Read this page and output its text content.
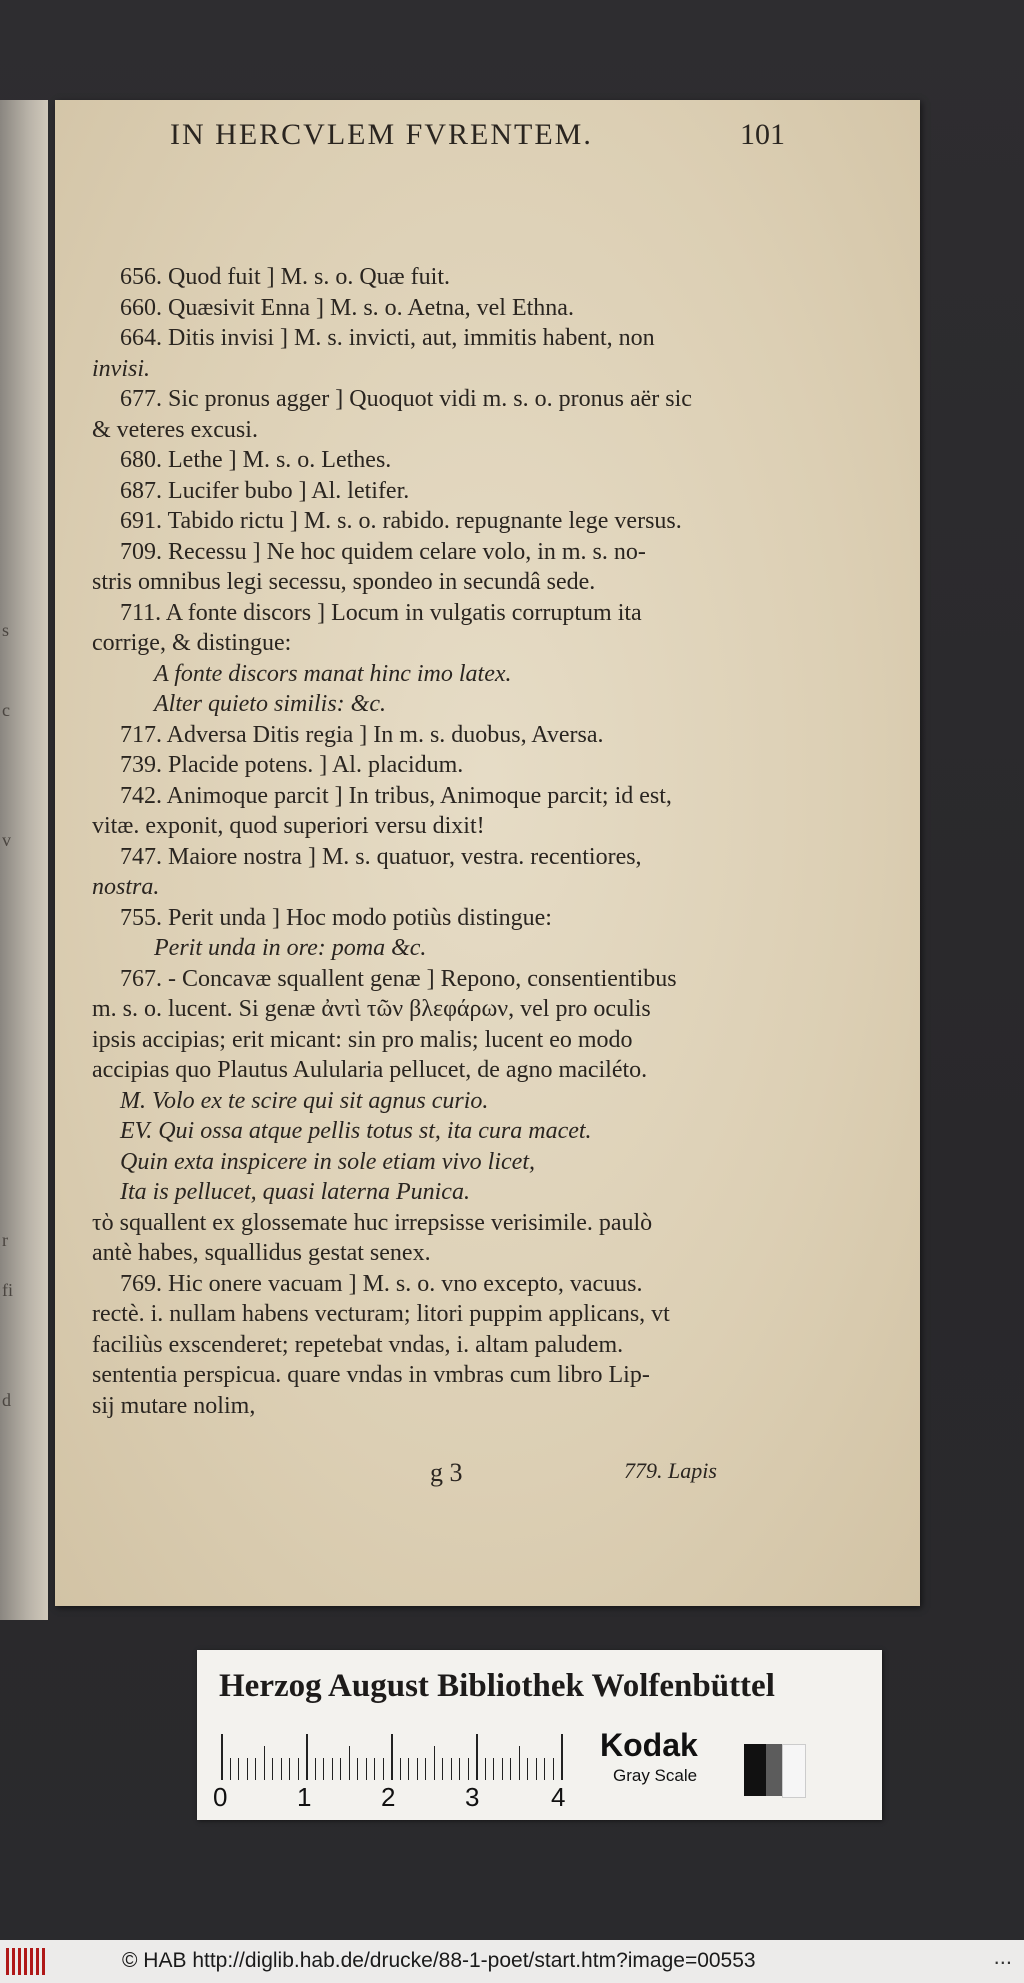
s
c
v
r
fi
d
IN HERCVLEM FVRENTEM.	101
656. Quod fuit ] M. s. o. Quæ fuit.
660. Quæsivit Enna ] M. s. o. Aetna, vel Ethna.
664. Ditis invisi ] M. s. invicti, aut, immitis habent, non
invisi.
677. Sic pronus agger ] Quoquot vidi m. s. o. pronus aër sic
& veteres excusi.
680. Lethe ] M. s. o. Lethes.
687. Lucifer bubo ] Al. letifer.
691. Tabido rictu ] M. s. o. rabido. repugnante lege versus.
709. Recessu ] Ne hoc quidem celare volo, in m. s. no-
stris omnibus legi secessu, spondeo in secundâ sede.
711. A fonte discors ] Locum in vulgatis corruptum ita
corrige, & distingue:
A fonte discors manat hinc imo latex.
Alter quieto similis: &c.
717. Adversa Ditis regia ] In m. s. duobus, Aversa.
739. Placide potens. ] Al. placidum.
742. Animoque parcit ] In tribus, Animoque parcit; id est,
vitæ. exponit, quod superiori versu dixit!
747. Maiore nostra ] M. s. quatuor, vestra. recentiores,
nostra.
755. Perit unda ] Hoc modo potiùs distingue:
Perit unda in ore: poma &c.
767. - Concavæ squallent genæ ] Repono, consentientibus
m. s. o. lucent. Si genæ ἀντὶ τῶν βλεφάρων, vel pro oculis
ipsis accipias; erit micant: sin pro malis; lucent eo modo
accipias quo Plautus Aulularia pellucet, de agno maciléto.
M. Volo ex te scire qui sit agnus curio.
EV. Qui ossa atque pellis totus st, ita cura macet.
Quin exta inspicere in sole etiam vivo licet,
Ita is pellucet, quasi laterna Punica.
τὸ squallent ex glossemate huc irrepsisse verisimile. paulò
antè habes, squallidus gestat senex.
769. Hic onere vacuam ] M. s. o. vno excepto, vacuus.
rectè. i. nullam habens vecturam; litori puppim applicans, vt
faciliùs exscenderet; repetebat vndas, i. altam paludem.
sententia perspicua. quare vndas in vmbras cum libro Lip-
sij mutare nolim,
g 3	779. Lapis
Herzog August Bibliothek Wolfenbüttel
0	1	2	3	4
Kodak
Gray Scale
© HAB http://diglib.hab.de/drucke/88-1-poet/start.htm?image=00553	...
